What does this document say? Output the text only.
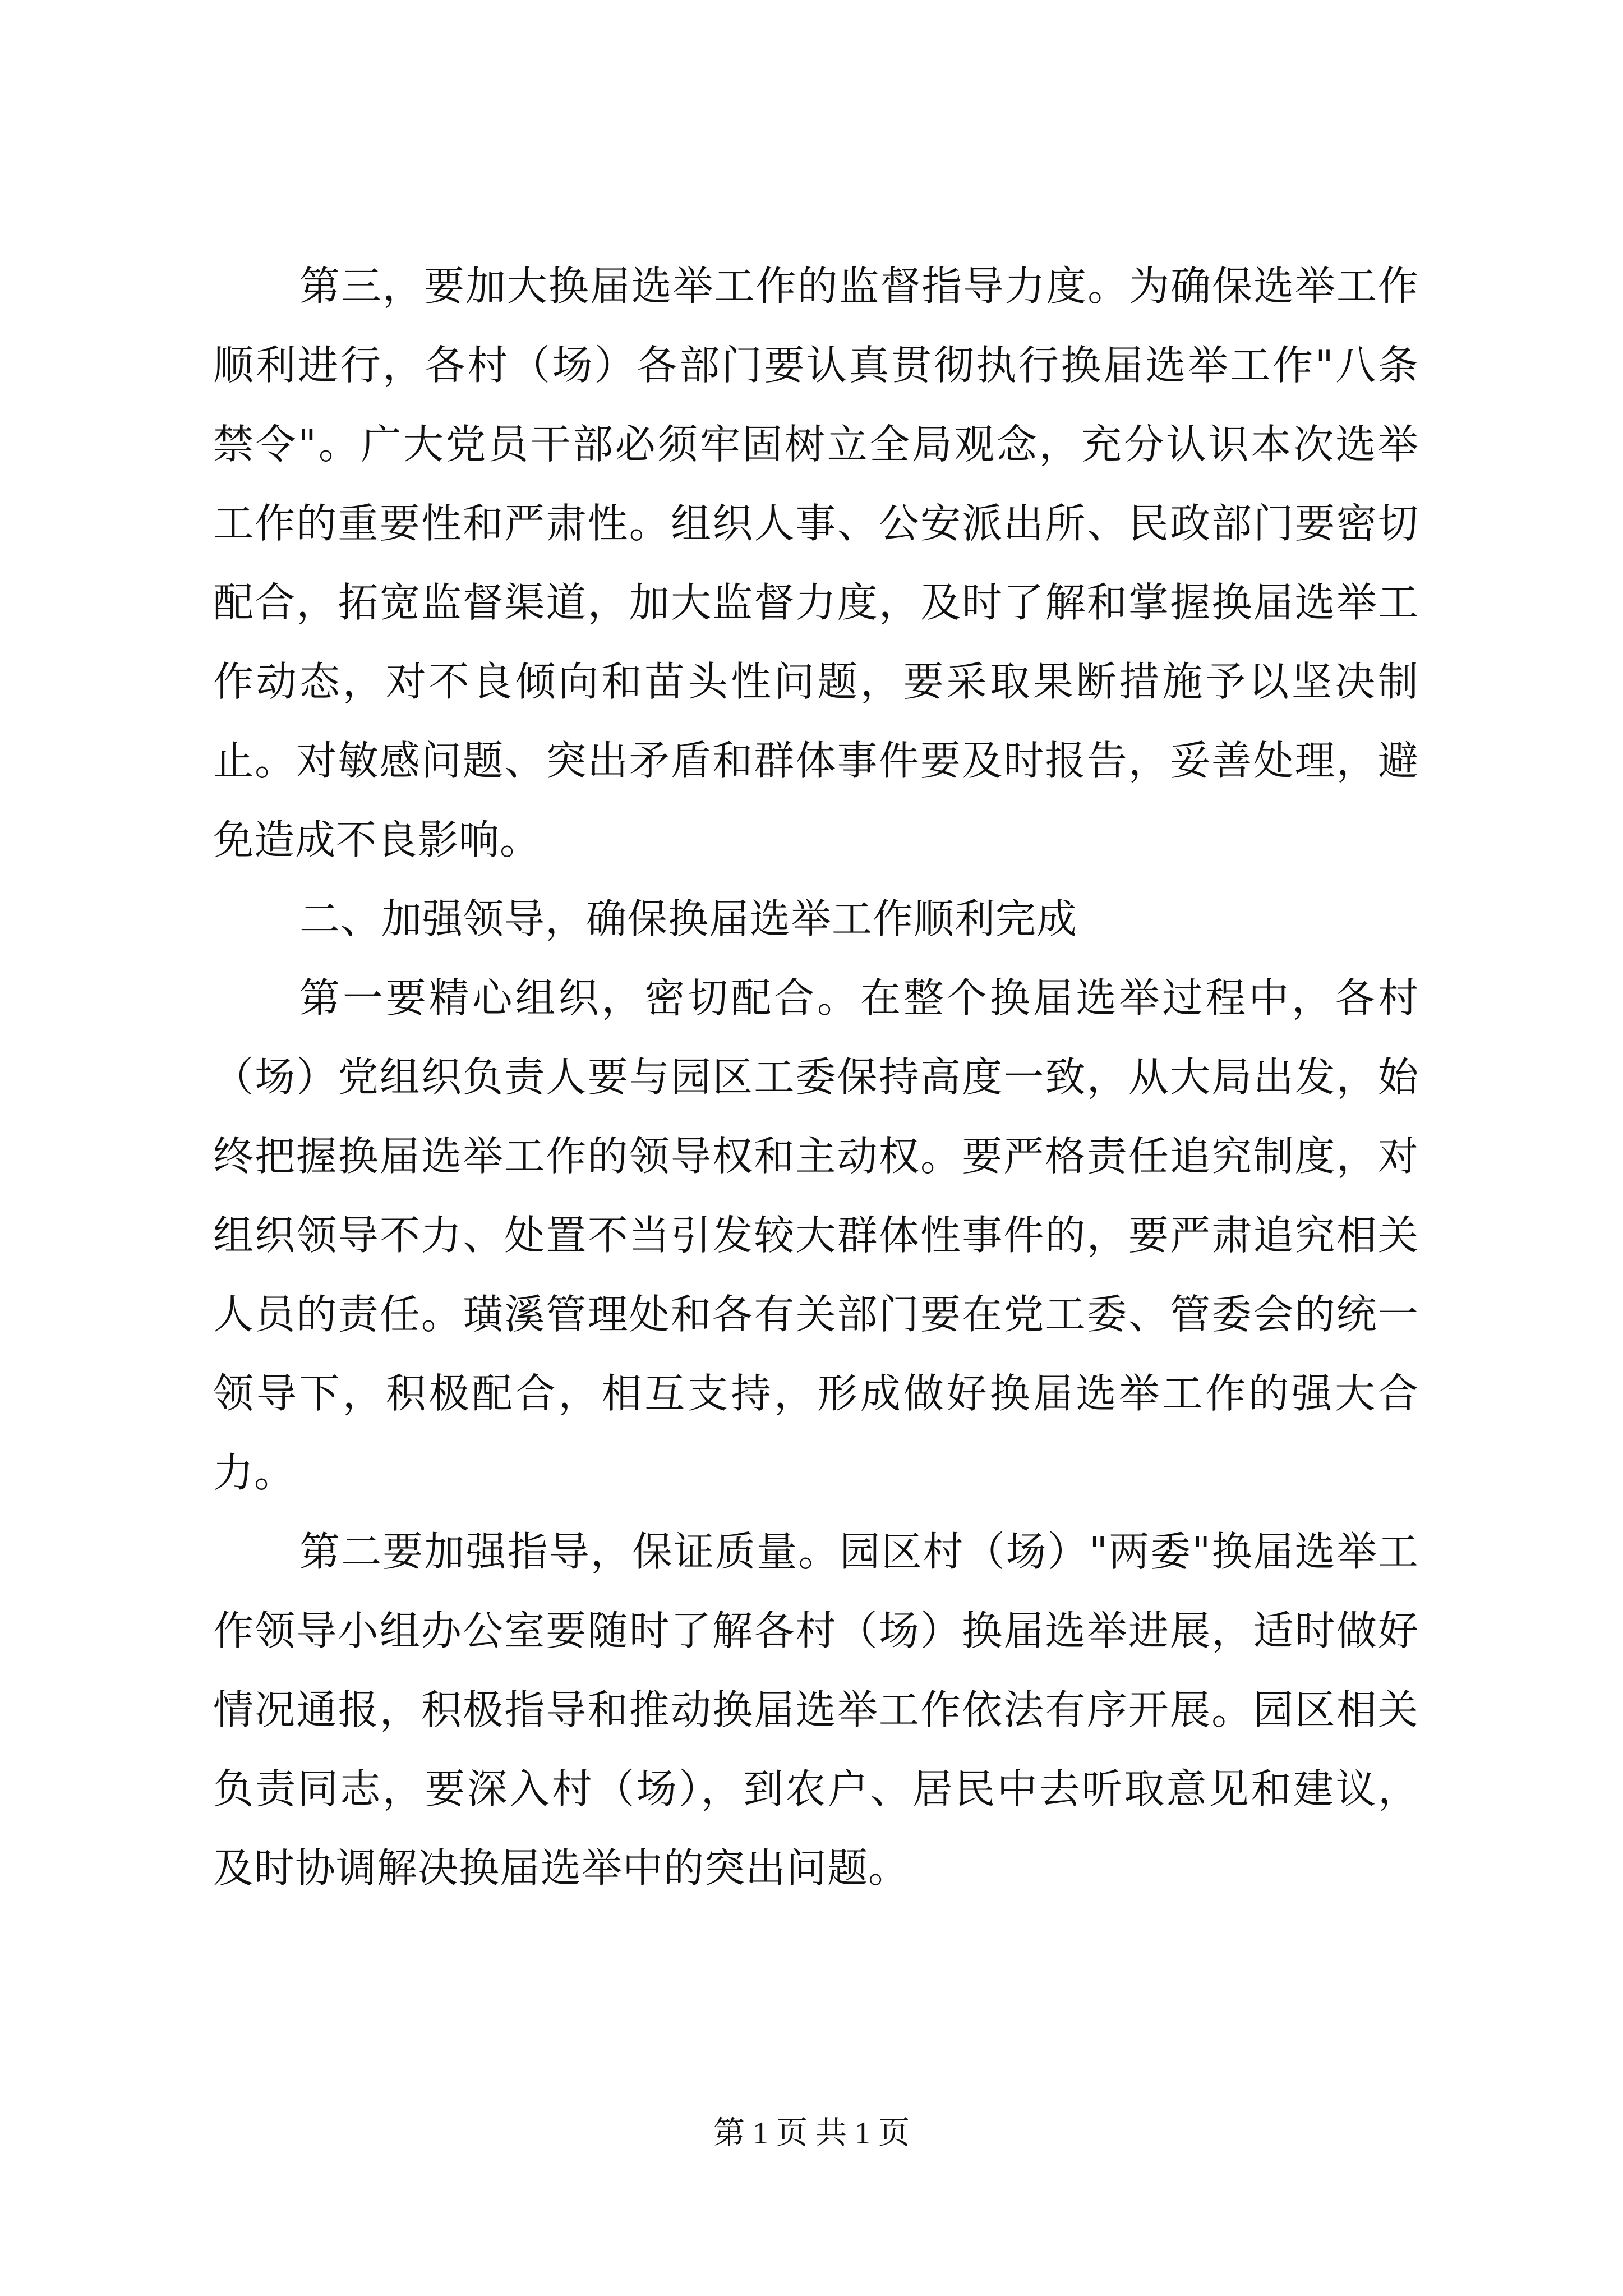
第三，要加大换届选举工作的监督指导力度。为确保选举工作顺利进行，各村（场）各部门要认真贯彻执行换届选举工作"八条禁令"。广大党员干部必须牢固树立全局观念，充分认识本次选举工作的重要性和严肃性。组织人事、公安派出所、民政部门要密切配合，拓宽监督渠道，加大监督力度，及时了解和掌握换届选举工作动态，对不良倾向和苗头性问题，要采取果断措施予以坚决制止。对敏感问题、突出矛盾和群体事件要及时报告，妥善处理，避免造成不良影响。

二、加强领导，确保换届选举工作顺利完成

第一要精心组织，密切配合。在整个换届选举过程中，各村（场）党组织负责人要与园区工委保持高度一致，从大局出发，始终把握换届选举工作的领导权和主动权。要严格责任追究制度，对组织领导不力、处置不当引发较大群体性事件的，要严肃追究相关人员的责任。璜溪管理处和各有关部门要在党工委、管委会的统一领导下，积极配合，相互支持，形成做好换届选举工作的强大合力。

第二要加强指导，保证质量。园区村（场）"两委"换届选举工作领导小组办公室要随时了解各村（场）换届选举进展，适时做好情况通报，积极指导和推动换届选举工作依法有序开展。园区相关负责同志，要深入村（场），到农户、居民中去听取意见和建议，及时协调解决换届选举中的突出问题。

第 1 页 共 1 页
